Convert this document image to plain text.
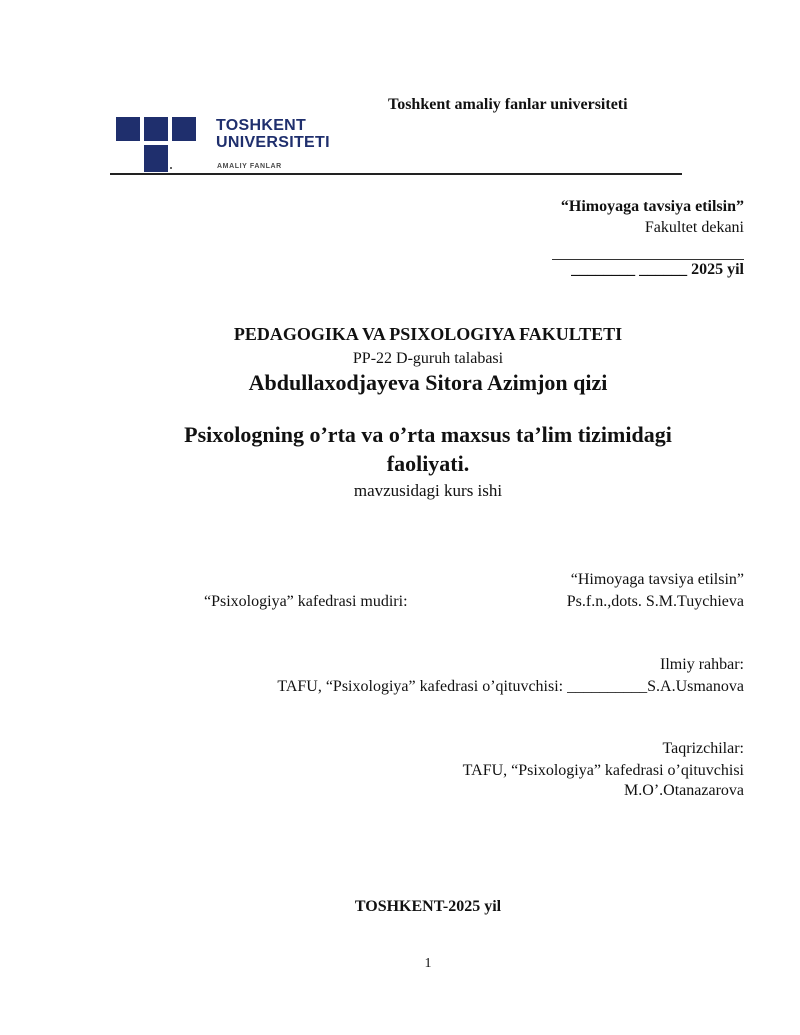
Toshkent amaliy fanlar universiteti
TOSHKENT
UNIVERSITETI
AMALIY FANLAR
“Himoyaga tavsiya etilsin”
Fakultet dekani
________ ______ 2025 yil
PEDAGOGIKA VA PSIXOLOGIYA FAKULTETI
PP-22 D-guruh talabasi
Abdullaxodjayeva Sitora Azimjon qizi
Psixologning o’rta va o’rta maxsus ta’lim tizimidagi
faoliyati.
mavzusidagi kurs ishi
“Himoyaga tavsiya etilsin”
“Psixologiya” kafedrasi mudiri:	Ps.f.n.,dots. S.M.Tuychieva
Ilmiy rahbar:
TAFU, “Psixologiya” kafedrasi o’qituvchisi: __________S.A.Usmanova
Taqrizchilar:
TAFU, “Psixologiya” kafedrasi o’qituvchisi
M.O’.Otanazarova
TOSHKENT-2025 yil
1
